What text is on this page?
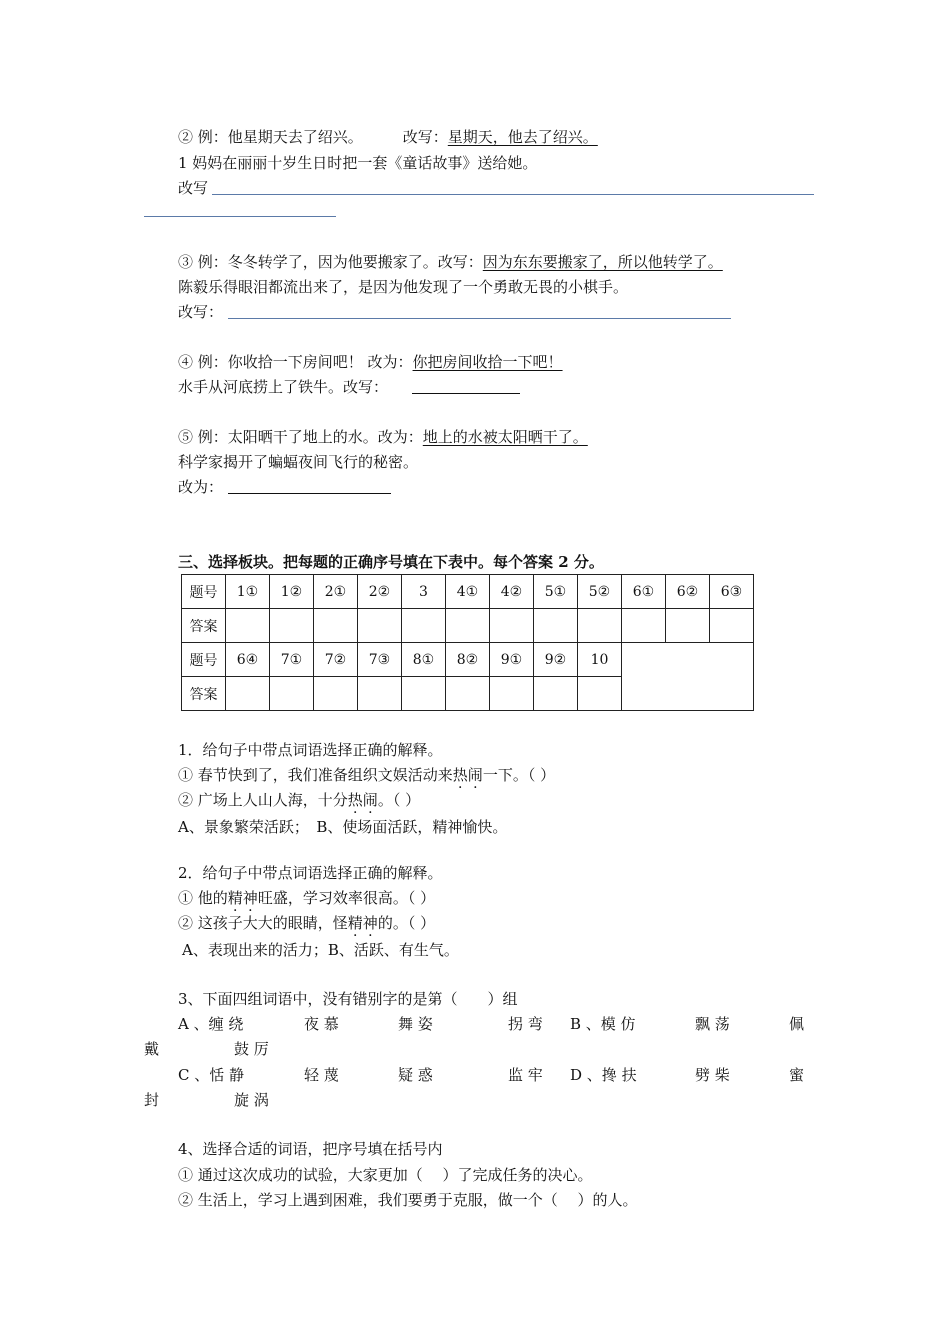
② 例：他星期天去了绍兴。	改写：星期天，他去了绍兴。
1 妈妈在丽丽十岁生日时把一套《童话故事》送给她。
改写
③ 例：冬冬转学了，因为他要搬家了。改写：因为东东要搬家了，所以他转学了。
陈毅乐得眼泪都流出来了，是因为他发现了一个勇敢无畏的小棋手。
改写：
④ 例：你收拾一下房间吧！ 改为：你把房间收拾一下吧！
水手从河底捞上了铁牛。改写：
⑤ 例：太阳晒干了地上的水。改为：地上的水被太阳晒干了。
科学家揭开了蝙蝠夜间飞行的秘密。
改为：
三、选择板块。把每题的正确序号填在下表中。每个答案 2 分。
题号	1①	1②	2①	2②	3	4①	4②	5①	5②	6①	6②	6③
答案												
题号	6④	7①	7②	7③	8①	8②	9①	9②	10			
答案												
1．给句子中带点词语选择正确的解释。
① 春节快到了，我们准备组织文娱活动来热闹一下。（ ）
② 广场上人山人海，十分热闹。（ ）
A、景象繁荣活跃；　B、使场面活跃，精神愉快。
2．给句子中带点词语选择正确的解释。
① 他的精神旺盛，学习效率很高。（ ）
② 这孩子大大的眼睛，怪精神的。（ ）
A、表现出来的活力；B、活跃、有生气。
3、下面四组词语中，没有错别字的是第（　　）组
A 、缠 绕	夜 慕	舞 姿	拐 弯 B 、模 仿	飘 荡	佩
戴	鼓 厉
C 、恬 静	轻 蔑	疑 惑	监 牢 D 、搀 扶	劈 柴	蜜
封	旋 涡
4、选择合适的词语，把序号填在括号内
① 通过这次成功的试验，大家更加（　 ）了完成任务的决心。
② 生活上，学习上遇到困难，我们要勇于克服，做一个（　 ）的人。
